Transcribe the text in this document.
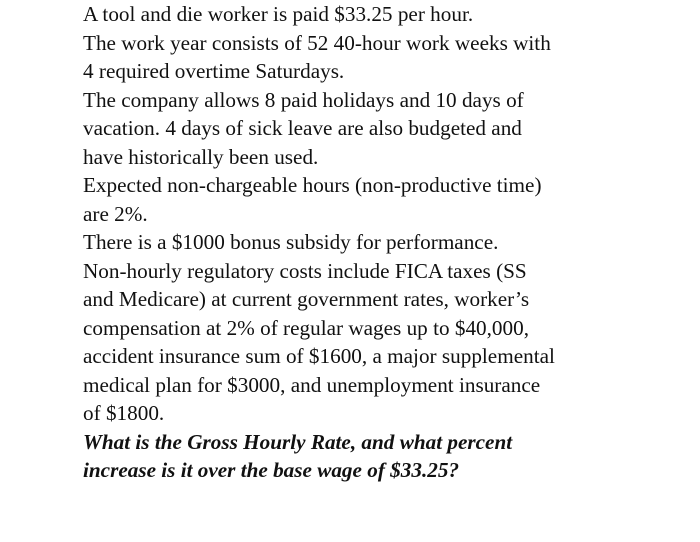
A tool and die worker is paid $33.25 per hour.
The work year consists of 52 40-hour work weeks with
4 required overtime Saturdays.
The company allows 8 paid holidays and 10 days of
vacation. 4 days of sick leave are also budgeted and
have historically been used.
Expected non-chargeable hours (non-productive time)
are 2%.
There is a $1000 bonus subsidy for performance.
Non-hourly regulatory costs include FICA taxes (SS
and Medicare) at current government rates, worker’s
compensation at 2% of regular wages up to $40,000,
accident insurance sum of $1600, a major supplemental
medical plan for $3000, and unemployment insurance
of $1800.
What is the Gross Hourly Rate, and what percent
increase is it over the base wage of $33.25?
